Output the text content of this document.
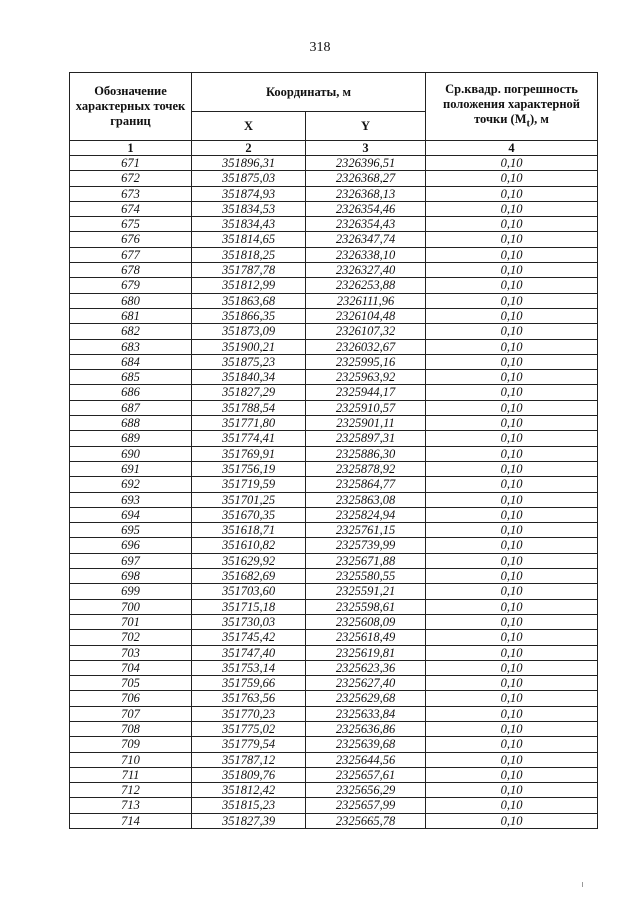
318
Обозначение характерных точек границ	Координаты, м		Ср.квадр. погрешность положения характерной точки $(M_t)$, м
	X	Y	
1	2	3	4
671	351896,31	2326396,51	0,10
672	351875,03	2326368,27	0,10
673	351874,93	2326368,13	0,10
674	351834,53	2326354,46	0,10
675	351834,43	2326354,43	0,10
676	351814,65	2326347,74	0,10
677	351818,25	2326338,10	0,10
678	351787,78	2326327,40	0,10
679	351812,99	2326253,88	0,10
680	351863,68	2326111,96	0,10
681	351866,35	2326104,48	0,10
682	351873,09	2326107,32	0,10
683	351900,21	2326032,67	0,10
684	351875,23	2325995,16	0,10
685	351840,34	2325963,92	0,10
686	351827,29	2325944,17	0,10
687	351788,54	2325910,57	0,10
688	351771,80	2325901,11	0,10
689	351774,41	2325897,31	0,10
690	351769,91	2325886,30	0,10
691	351756,19	2325878,92	0,10
692	351719,59	2325864,77	0,10
693	351701,25	2325863,08	0,10
694	351670,35	2325824,94	0,10
695	351618,71	2325761,15	0,10
696	351610,82	2325739,99	0,10
697	351629,92	2325671,88	0,10
698	351682,69	2325580,55	0,10
699	351703,60	2325591,21	0,10
700	351715,18	2325598,61	0,10
701	351730,03	2325608,09	0,10
702	351745,42	2325618,49	0,10
703	351747,40	2325619,81	0,10
704	351753,14	2325623,36	0,10
705	351759,66	2325627,40	0,10
706	351763,56	2325629,68	0,10
707	351770,23	2325633,84	0,10
708	351775,02	2325636,86	0,10
709	351779,54	2325639,68	0,10
710	351787,12	2325644,56	0,10
711	351809,76	2325657,61	0,10
712	351812,42	2325656,29	0,10
713	351815,23	2325657,99	0,10
714	351827,39	2325665,78	0,10
